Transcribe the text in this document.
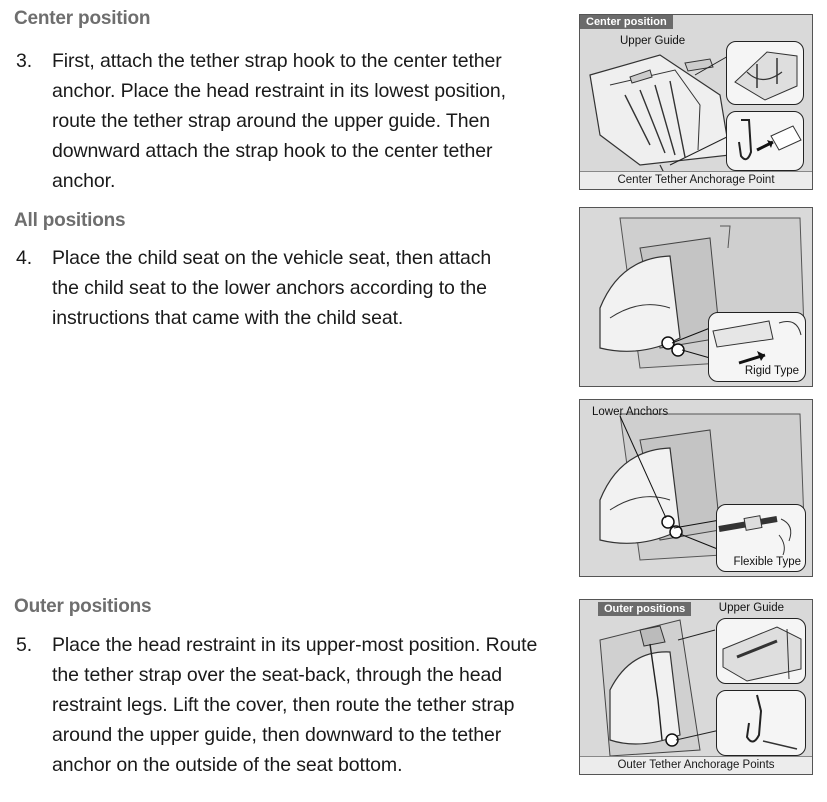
Center position

3.	First, attach the tether strap hook to the center tether anchor. Place the head restraint in its lowest position, route the tether strap around the upper guide. Then downward attach the strap hook to the center tether anchor.

All positions

4.	Place the child seat on the vehicle seat, then attach the child seat to the lower anchors according to the instructions that came with the child seat.

Outer positions

5.	Place the head restraint in its upper-most position. Route the tether strap over the seat-back, through the head restraint legs. Lift the cover, then route the tether strap around the upper guide, then downward to the tether anchor on the outside of the seat bottom.

Center position
Upper Guide
Center Tether Anchorage Point
Rigid Type
Lower Anchors
Flexible Type
Outer positions	Upper Guide
Outer Tether Anchorage Points
